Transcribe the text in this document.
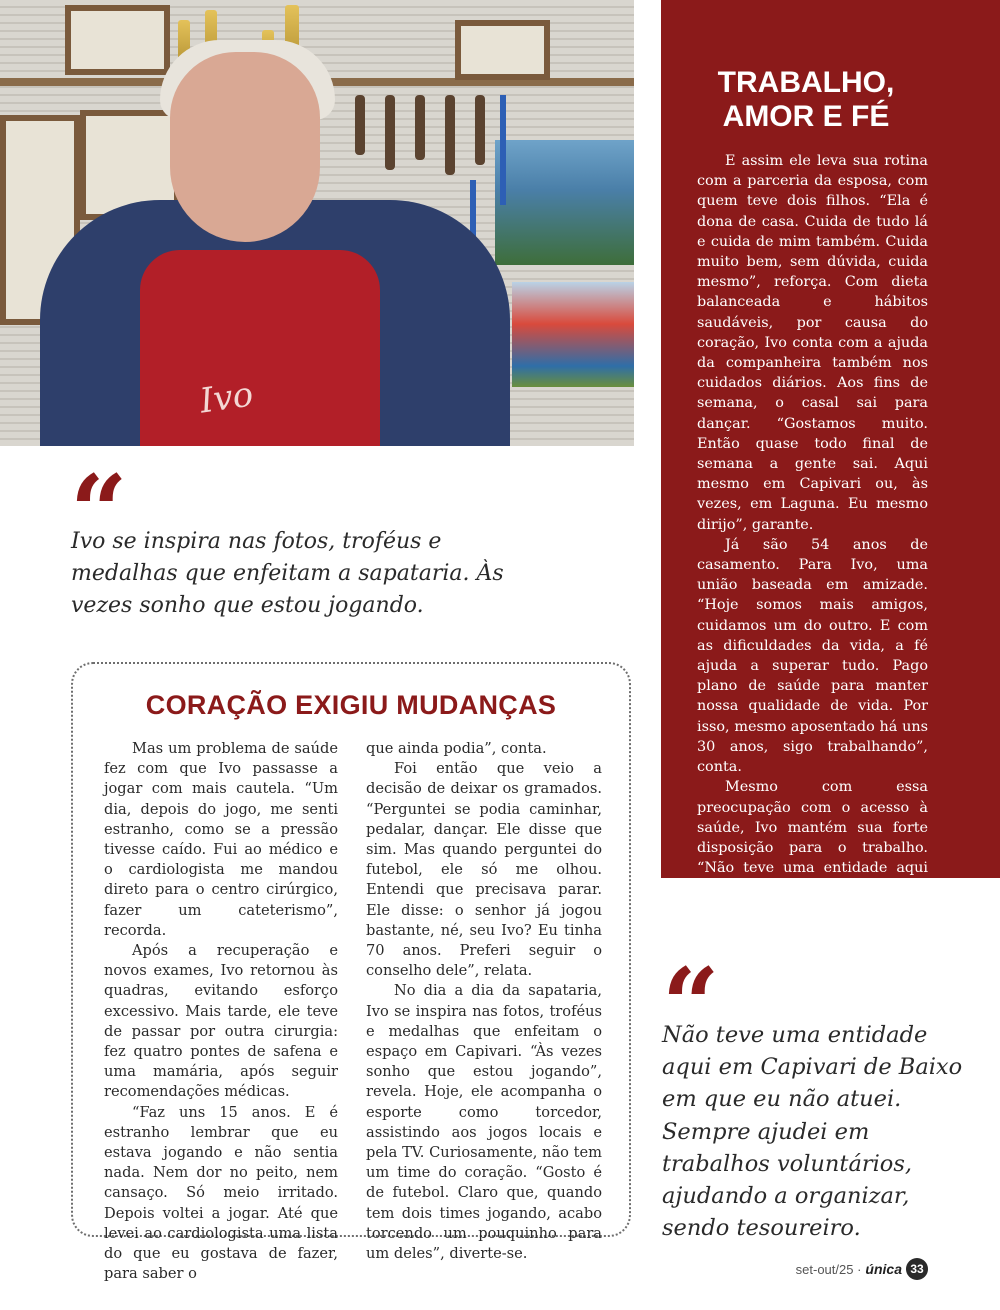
Ivo
“

Ivo se inspira nas fotos, troféus e medalhas que enfeitam a sapataria. Às vezes sonho que estou jogando.

CORAÇÃO EXIGIU MUDANÇAS

Mas um problema de saúde fez com que Ivo passasse a jogar com mais cautela. “Um dia, depois do jogo, me senti estranho, como se a pressão tivesse caído. Fui ao médico e o cardiologista me mandou direto para o centro cirúrgico, fazer um cateterismo”, recorda.

Após a recuperação e novos exames, Ivo retornou às quadras, evitando esforço excessivo. Mais tarde, ele teve de passar por outra cirurgia: fez quatro pontes de safena e uma mamária, após seguir recomendações médicas.

“Faz uns 15 anos. E é estranho lembrar que eu estava jogando e não sentia nada. Nem dor no peito, nem cansaço. Só meio irritado. Depois voltei a jogar. Até que levei ao cardiologista uma lista do que eu gostava de fazer, para saber o

que ainda podia”, conta.

Foi então que veio a decisão de deixar os gramados. “Perguntei se podia caminhar, pedalar, dançar. Ele disse que sim. Mas quando perguntei do futebol, ele só me olhou. Entendi que precisava parar. Ele disse: o senhor já jogou bastante, né, seu Ivo? Eu tinha 70 anos. Preferi seguir o conselho dele”, relata.

No dia a dia da sapataria, Ivo se inspira nas fotos, troféus e medalhas que enfeitam o espaço em Capivari. “Às vezes sonho que estou jogando”, revela. Hoje, ele acompanha o esporte como torcedor, assistindo aos jogos locais e pela TV. Curiosamente, não tem um time do coração. “Gosto é de futebol. Claro que, quando tem dois times jogando, acabo torcendo um pouquinho para um deles”, diverte-se.

TRABALHO,
AMOR E FÉ

E assim ele leva sua rotina com a parceria da esposa, com quem teve dois filhos. “Ela é dona de casa. Cuida de tudo lá e cuida de mim também. Cuida muito bem, sem dúvida, cuida mesmo”, reforça. Com dieta balanceada e hábitos saudáveis, por causa do coração, Ivo conta com a ajuda da companheira também nos cuidados diários. Aos fins de semana, o casal sai para dançar. “Gostamos muito. Então quase todo final de semana a gente sai. Aqui mesmo em Capivari ou, às vezes, em Laguna. Eu mesmo dirijo”, garante.

Já são 54 anos de casamento. Para Ivo, uma união baseada em amizade. “Hoje somos mais amigos, cuidamos um do outro. E com as dificuldades da vida, a fé ajuda a superar tudo. Pago plano de saúde para manter nossa qualidade de vida. Por isso, mesmo aposentado há uns 30 anos, sigo trabalhando”, conta.

Mesmo com essa preocupação com o acesso à saúde, Ivo mantém sua forte disposição para o trabalho. “Não teve uma entidade aqui em Capivari de Baixo em que eu não atuei. Sempre ajudei em trabalhos voluntários, ajudando a organizar, sendo tesoureiro, por exemplo”, ressalta o sapateiro.

“

Não teve uma entidade aqui em Capivari de Baixo em que eu não atuei. Sempre ajudei em trabalhos voluntários, ajudando a organizar, sendo tesoureiro.

set-out/25 · única 33
